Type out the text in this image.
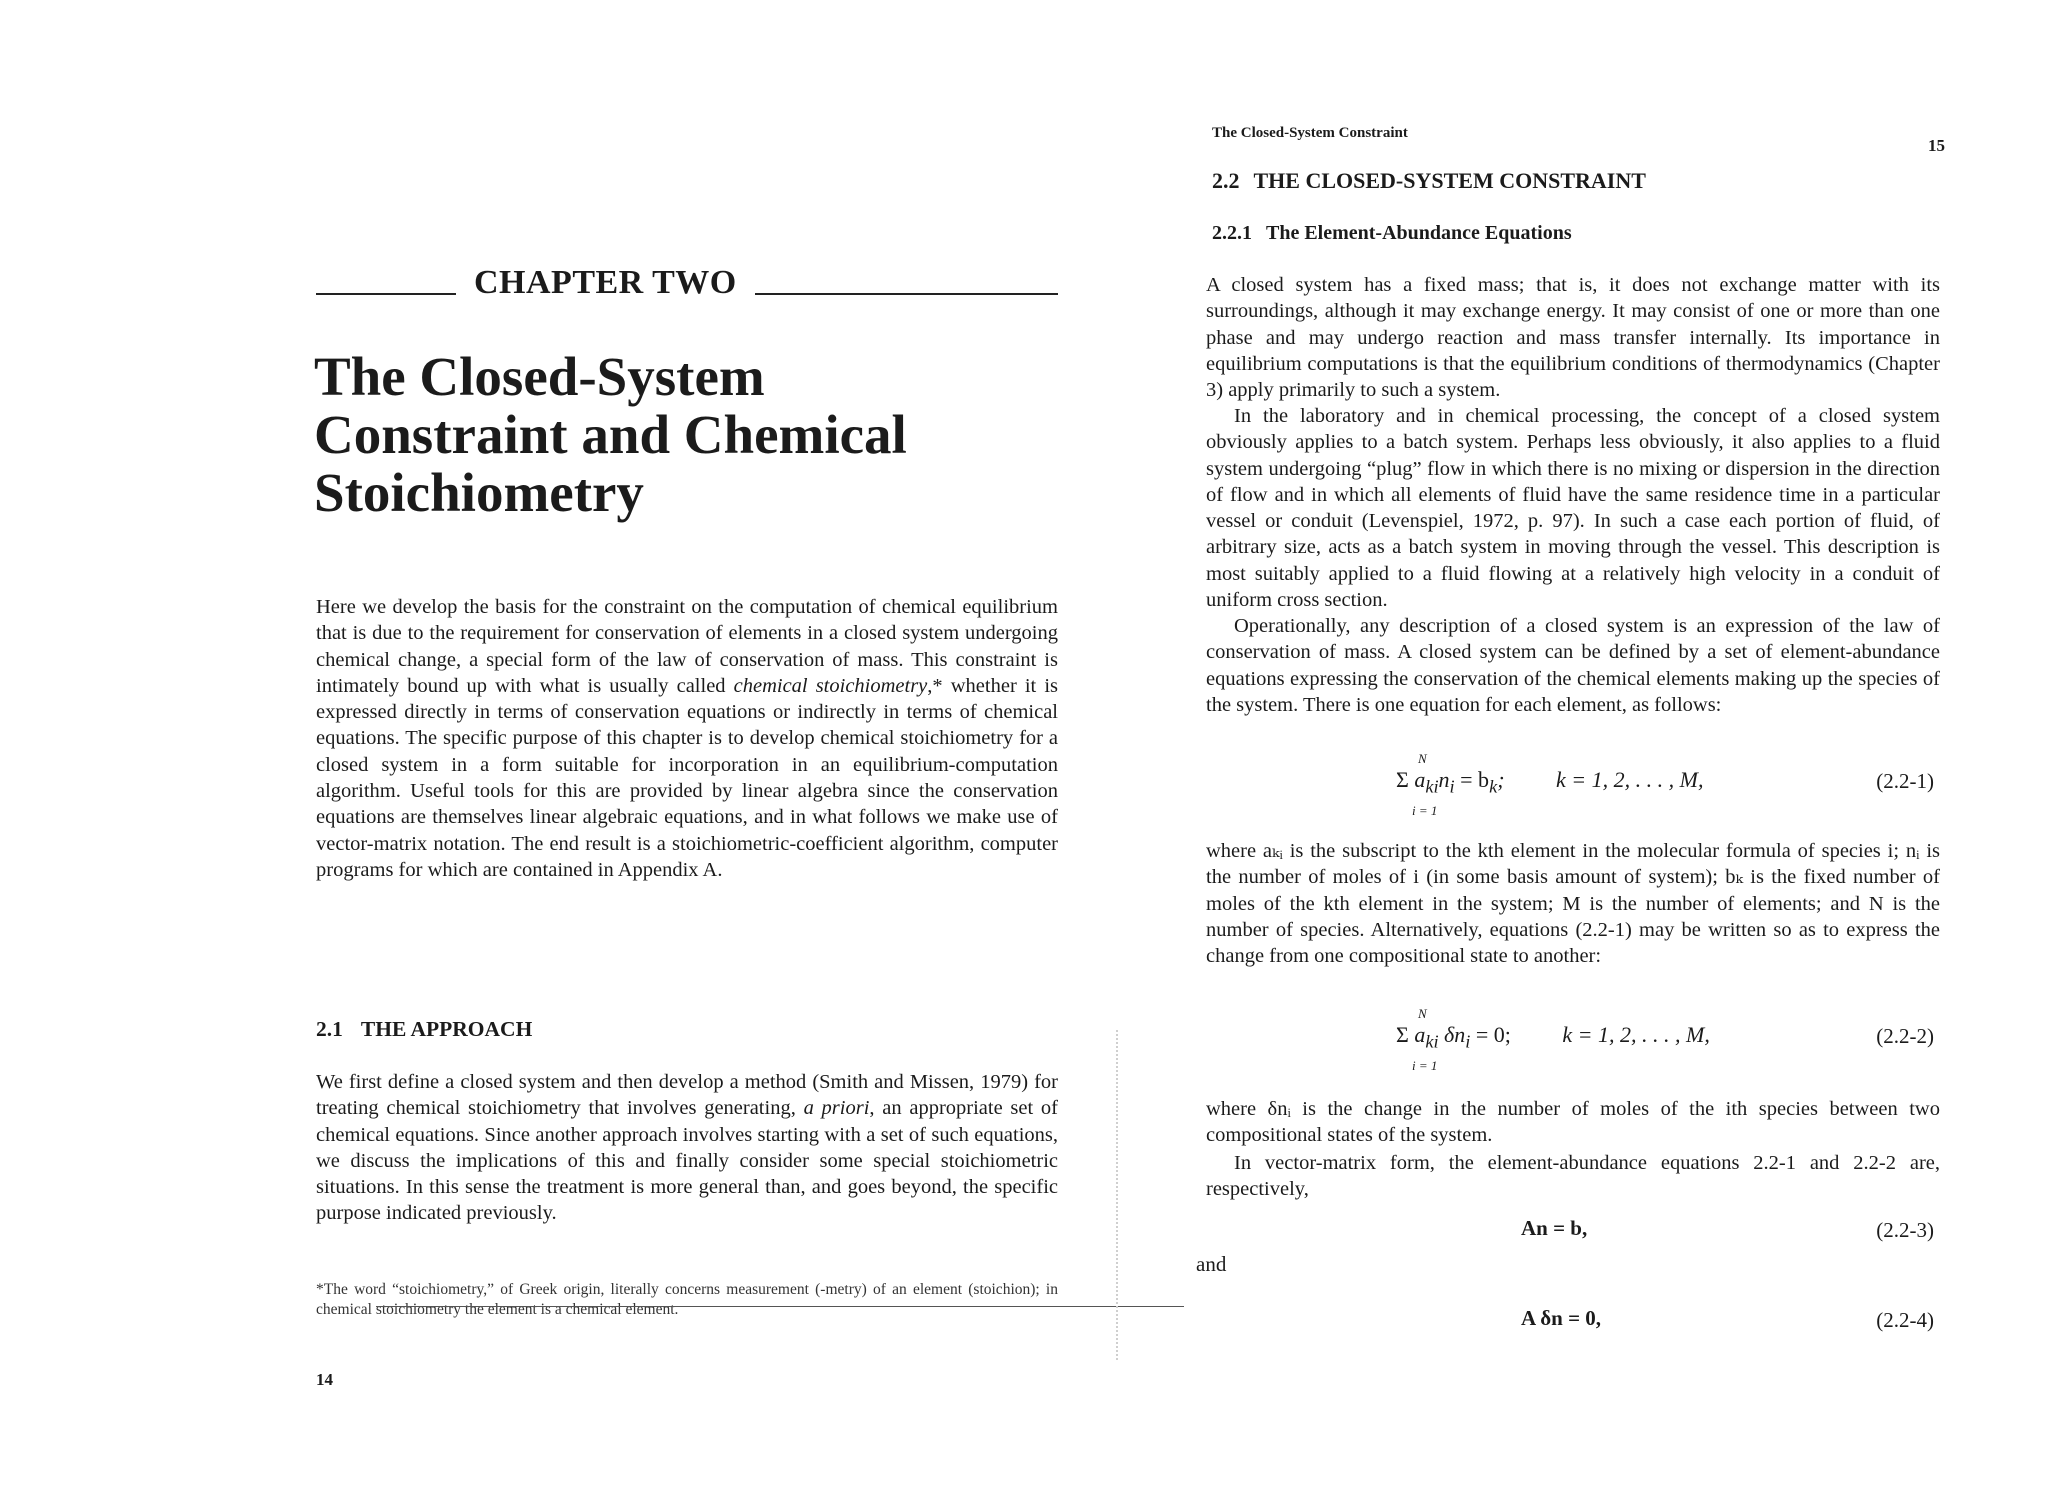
CHAPTER TWO
The Closed-System
Constraint and Chemical
Stoichiometry

Here we develop the basis for the constraint on the computation of chemical equilibrium that is due to the requirement for conservation of elements in a closed system undergoing chemical change, a special form of the law of conservation of mass. This constraint is intimately bound up with what is usually called chemical stoichiometry,* whether it is expressed directly in terms of conservation equations or indirectly in terms of chemical equations. The specific purpose of this chapter is to develop chemical stoichiometry for a closed system in a form suitable for incorporation in an equilibrium-computation algorithm. Useful tools for this are provided by linear algebra since the conservation equations are themselves linear algebraic equations, and in what follows we make use of vector-matrix notation. The end result is a stoichiometric-coefficient algorithm, computer programs for which are contained in Appendix A.

2.1 THE APPROACH

We first define a closed system and then develop a method (Smith and Missen, 1979) for treating chemical stoichiometry that involves generating, a priori, an appropriate set of chemical equations. Since another approach involves starting with a set of such equations, we discuss the implications of this and finally consider some special stoichiometric situations. In this sense the treatment is more general than, and goes beyond, the specific purpose indicated previously.

*The word “stoichiometry,” of Greek origin, literally concerns measurement (-metry) of an element (stoichion); in chemical stoichiometry the element is a chemical element.

14

The Closed-System Constraint

15

2.2 THE CLOSED-SYSTEM CONSTRAINT
2.2.1 The Element-Abundance Equations

A closed system has a fixed mass; that is, it does not exchange matter with its surroundings, although it may exchange energy. It may consist of one or more than one phase and may undergo reaction and mass transfer internally. Its importance in equilibrium computations is that the equilibrium conditions of thermodynamics (Chapter 3) apply primarily to such a system.

In the laboratory and in chemical processing, the concept of a closed system obviously applies to a batch system. Perhaps less obviously, it also applies to a fluid system undergoing “plug” flow in which there is no mixing or dispersion in the direction of flow and in which all elements of fluid have the same residence time in a particular vessel or conduit (Levenspiel, 1972, p. 97). In such a case each portion of fluid, of arbitrary size, acts as a batch system in moving through the vessel. This description is most suitably applied to a fluid flowing at a relatively high velocity in a conduit of uniform cross section.

Operationally, any description of a closed system is an expression of the law of conservation of mass. A closed system can be defined by a set of element-abundance equations expressing the conservation of the chemical elements making up the species of the system. There is one equation for each element, as follows:

N
Σ $a_{ki}n_i = b_k$; k = 1, 2, . . . , M,
i = 1
(2.2-1)

where aₖᵢ is the subscript to the kth element in the molecular formula of species i; nᵢ is the number of moles of i (in some basis amount of system); bₖ is the fixed number of moles of the kth element in the system; M is the number of elements; and N is the number of species. Alternatively, equations (2.2-1) may be written so as to express the change from one compositional state to another:

N
Σ $a_{ki}$ $\delta n_i = 0$; k = 1, 2, . . . , M,
i = 1
(2.2-2)

where δnᵢ is the change in the number of moles of the ith species between two compositional states of the system.

In vector-matrix form, the element-abundance equations 2.2-1 and 2.2-2 are, respectively,

An = b,	(2.2-3)

and

A δn = 0,	(2.2-4)
